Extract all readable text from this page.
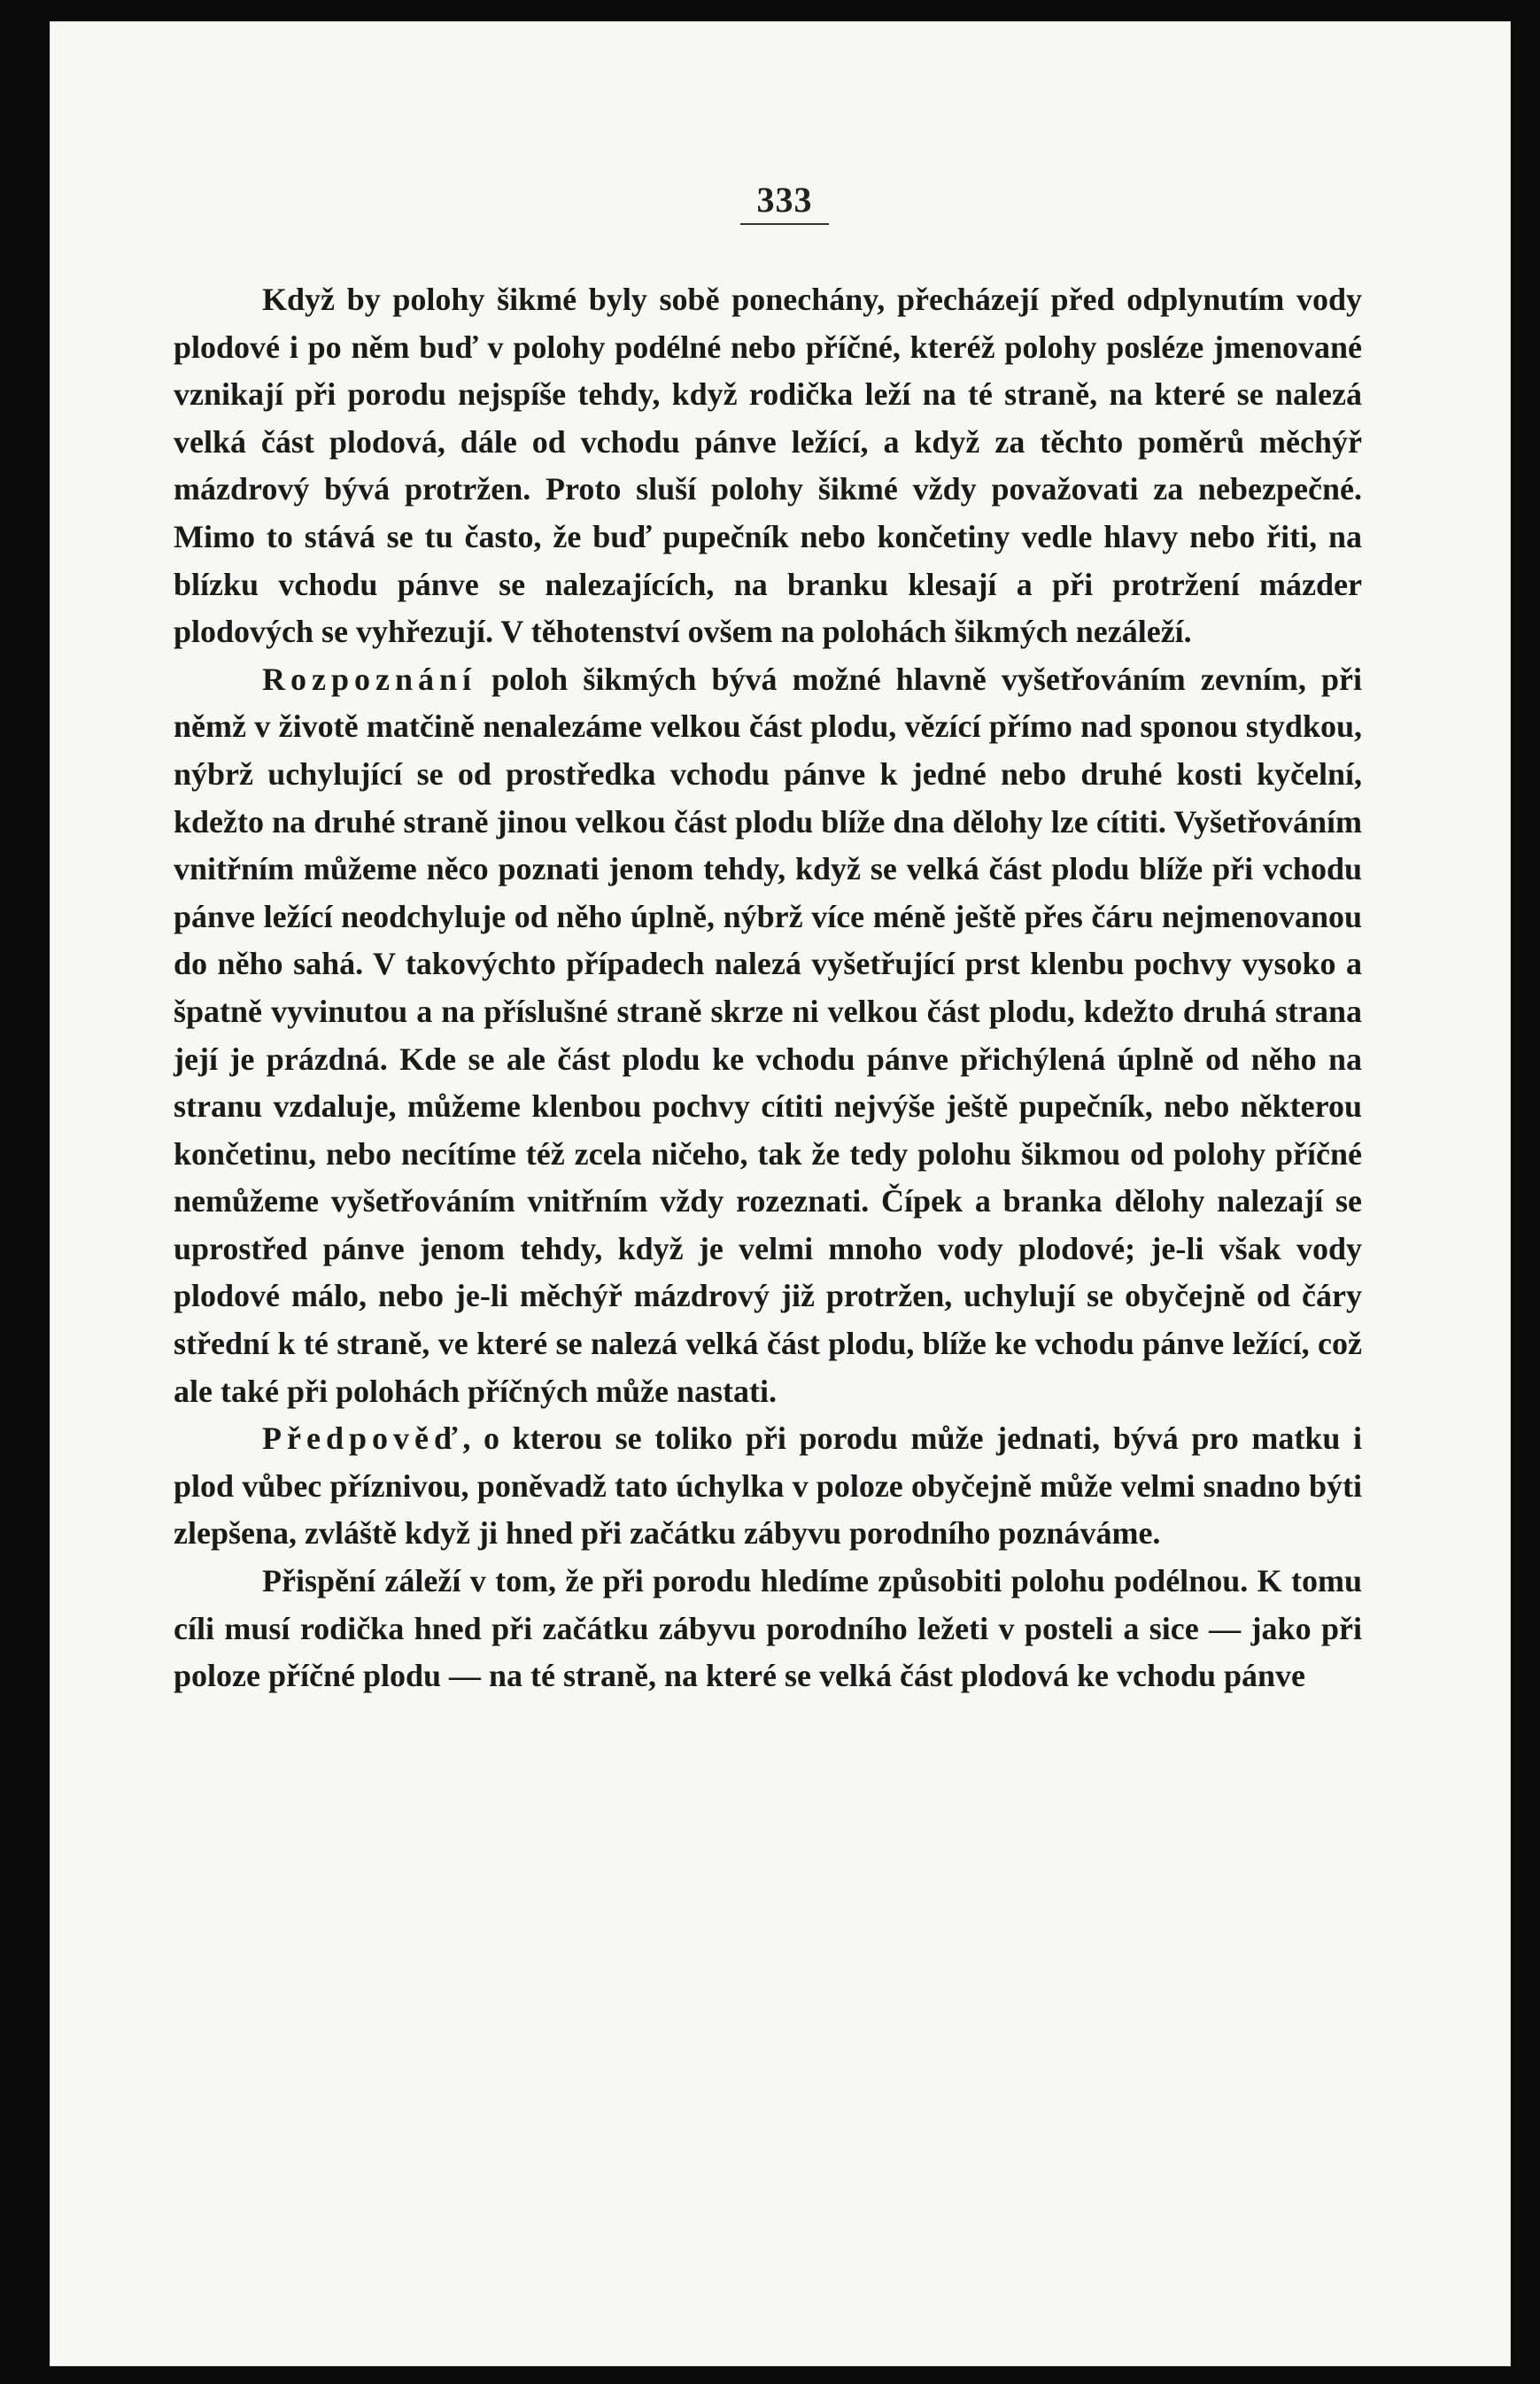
333

Když by polohy šikmé byly sobě ponechány, přecházejí před odplynutím vody plodové i po něm buď v polohy podélné nebo příčné, kteréž polohy posléze jmenované vznikají při porodu nejspíše tehdy, když rodička leží na té straně, na které se nalezá velká část plodová, dále od vchodu pánve ležící, a když za těchto poměrů měchýř mázdrový bývá protržen. Proto sluší polohy šikmé vždy považovati za nebezpečné. Mimo to stává se tu často, že buď pupečník nebo končetiny vedle hlavy nebo řiti, na blízku vchodu pánve se nalezajících, na branku klesají a při protržení mázder plodových se vyhřezují. V těhotenství ovšem na polohách šikmých nezáleží.

Rozpoznání poloh šikmých bývá možné hlavně vyšetřováním zevním, při němž v životě matčině nenalezáme velkou část plodu, vězící přímo nad sponou stydkou, nýbrž uchylující se od prostředka vchodu pánve k jedné nebo druhé kosti kyčelní, kdežto na druhé straně jinou velkou část plodu blíže dna dělohy lze cítiti. Vyšetřováním vnitřním můžeme něco poznati jenom tehdy, když se velká část plodu blíže při vchodu pánve ležící neodchyluje od něho úplně, nýbrž více méně ještě přes čáru nejmenovanou do něho sahá. V takovýchto případech nalezá vyšetřující prst klenbu pochvy vysoko a špatně vyvinutou a na příslušné straně skrze ni velkou část plodu, kdežto druhá strana její je prázdná. Kde se ale část plodu ke vchodu pánve přichýlená úplně od něho na stranu vzdaluje, můžeme klenbou pochvy cítiti nejvýše ještě pupečník, nebo některou končetinu, nebo necítíme též zcela ničeho, tak že tedy polohu šikmou od polohy příčné nemůžeme vyšetřováním vnitřním vždy rozeznati. Čípek a branka dělohy nalezají se uprostřed pánve jenom tehdy, když je velmi mnoho vody plodové; je-li však vody plodové málo, nebo je-li měchýř mázdrový již protržen, uchylují se obyčejně od čáry střední k té straně, ve které se nalezá velká část plodu, blíže ke vchodu pánve ležící, což ale také při polohách příčných může nastati.

Předpověď, o kterou se toliko při porodu může jednati, bývá pro matku i plod vůbec příznivou, poněvadž tato úchylka v poloze obyčejně může velmi snadno býti zlepšena, zvláště když ji hned při začátku zábyvu porodního poznáváme.

Přispění záleží v tom, že při porodu hledíme způsobiti polohu podélnou. K tomu cíli musí rodička hned při začátku zábyvu porodního ležeti v posteli a sice — jako při poloze příčné plodu — na té straně, na které se velká část plodová ke vchodu pánve
